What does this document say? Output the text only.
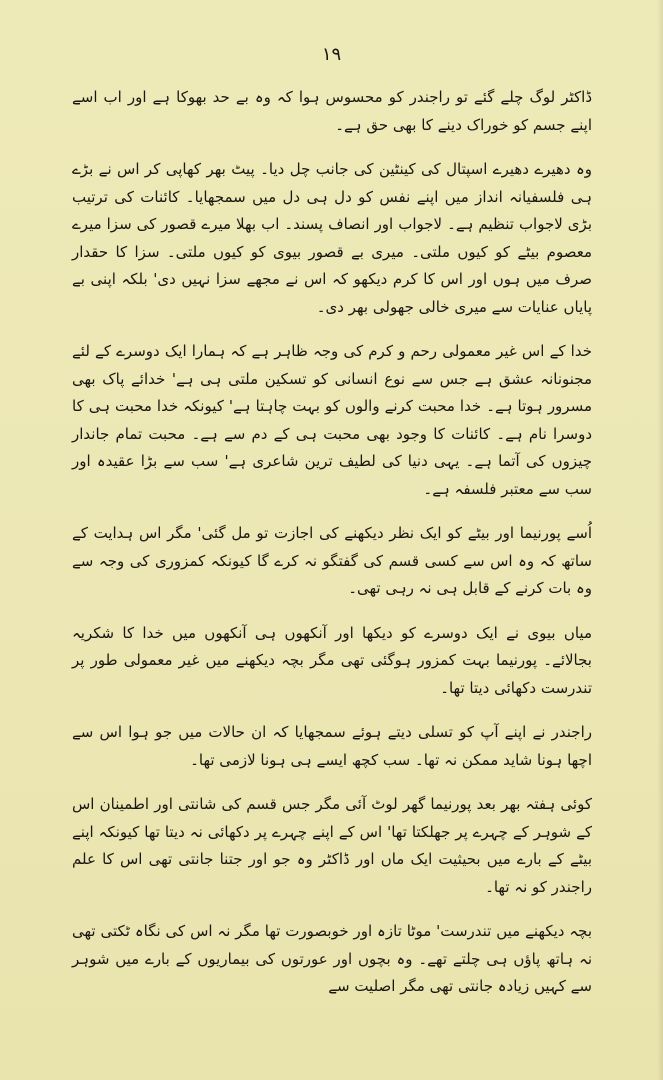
۱۹

ڈاکٹر لوگ چلے گئے تو راجندر کو محسوس ہوا کہ وہ بے حد بھوکا ہے اور اب اسے اپنے جسم کو خوراک دینے کا بھی حق ہے۔

وہ دھیرے دھیرے اسپتال کی کینٹین کی جانب چل دیا۔ پیٹ بھر کھاپی کر اس نے بڑے ہی فلسفیانہ انداز میں اپنے نفس کو دل ہی دل میں سمجھایا۔ کائنات کی ترتیب بڑی لاجواب تنظیم ہے۔ لاجواب اور انصاف پسند۔ اب بھلا میرے قصور کی سزا میرے معصوم بیٹے کو کیوں ملتی۔ میری بے قصور بیوی کو کیوں ملتی۔ سزا کا حقدار صرف میں ہوں اور اس کا کرم دیکھو کہ اس نے مجھے سزا نہیں دی' بلکہ اپنی بے پایاں عنایات سے میری خالی جھولی بھر دی۔

خدا کے اس غیر معمولی رحم و کرم کی وجہ ظاہر ہے کہ ہمارا ایک دوسرے کے لئے مجنونانہ عشق ہے جس سے نوع انسانی کو تسکین ملتی ہی ہے' خدائے پاک بھی مسرور ہوتا ہے۔ خدا محبت کرنے والوں کو بہت چاہتا ہے' کیونکہ خدا محبت ہی کا دوسرا نام ہے۔ کائنات کا وجود بھی محبت ہی کے دم سے ہے۔ محبت تمام جاندار چیزوں کی آتما ہے۔ یہی دنیا کی لطیف ترین شاعری ہے' سب سے بڑا عقیدہ اور سب سے معتبر فلسفہ ہے۔

اُسے پورنیما اور بیٹے کو ایک نظر دیکھنے کی اجازت تو مل گئی' مگر اس ہدایت کے ساتھ کہ وہ اس سے کسی قسم کی گفتگو نہ کرے گا کیونکہ کمزوری کی وجہ سے وہ بات کرنے کے قابل ہی نہ رہی تھی۔

میاں بیوی نے ایک دوسرے کو دیکھا اور آنکھوں ہی آنکھوں میں خدا کا شکریہ بجالائے۔ پورنیما بہت کمزور ہوگئی تھی مگر بچہ دیکھنے میں غیر معمولی طور پر تندرست دکھائی دیتا تھا۔

راجندر نے اپنے آپ کو تسلی دیتے ہوئے سمجھایا کہ ان حالات میں جو ہوا اس سے اچھا ہونا شاید ممکن نہ تھا۔ سب کچھ ایسے ہی ہونا لازمی تھا۔

کوئی ہفتہ بھر بعد پورنیما گھر لوٹ آئی مگر جس قسم کی شانتی اور اطمینان اس کے شوہر کے چہرے پر جھلکتا تھا' اس کے اپنے چہرے پر دکھائی نہ دیتا تھا کیونکہ اپنے بیٹے کے بارے میں بحیثیت ایک ماں اور ڈاکٹر وہ جو اور جتنا جانتی تھی اس کا علم راجندر کو نہ تھا۔

بچہ دیکھنے میں تندرست' موٹا تازہ اور خوبصورت تھا مگر نہ اس کی نگاہ ٹکتی تھی نہ ہاتھ پاؤں ہی چلتے تھے۔ وہ بچوں اور عورتوں کی بیماریوں کے بارے میں شوہر سے کہیں زیادہ جانتی تھی مگر اصلیت سے
